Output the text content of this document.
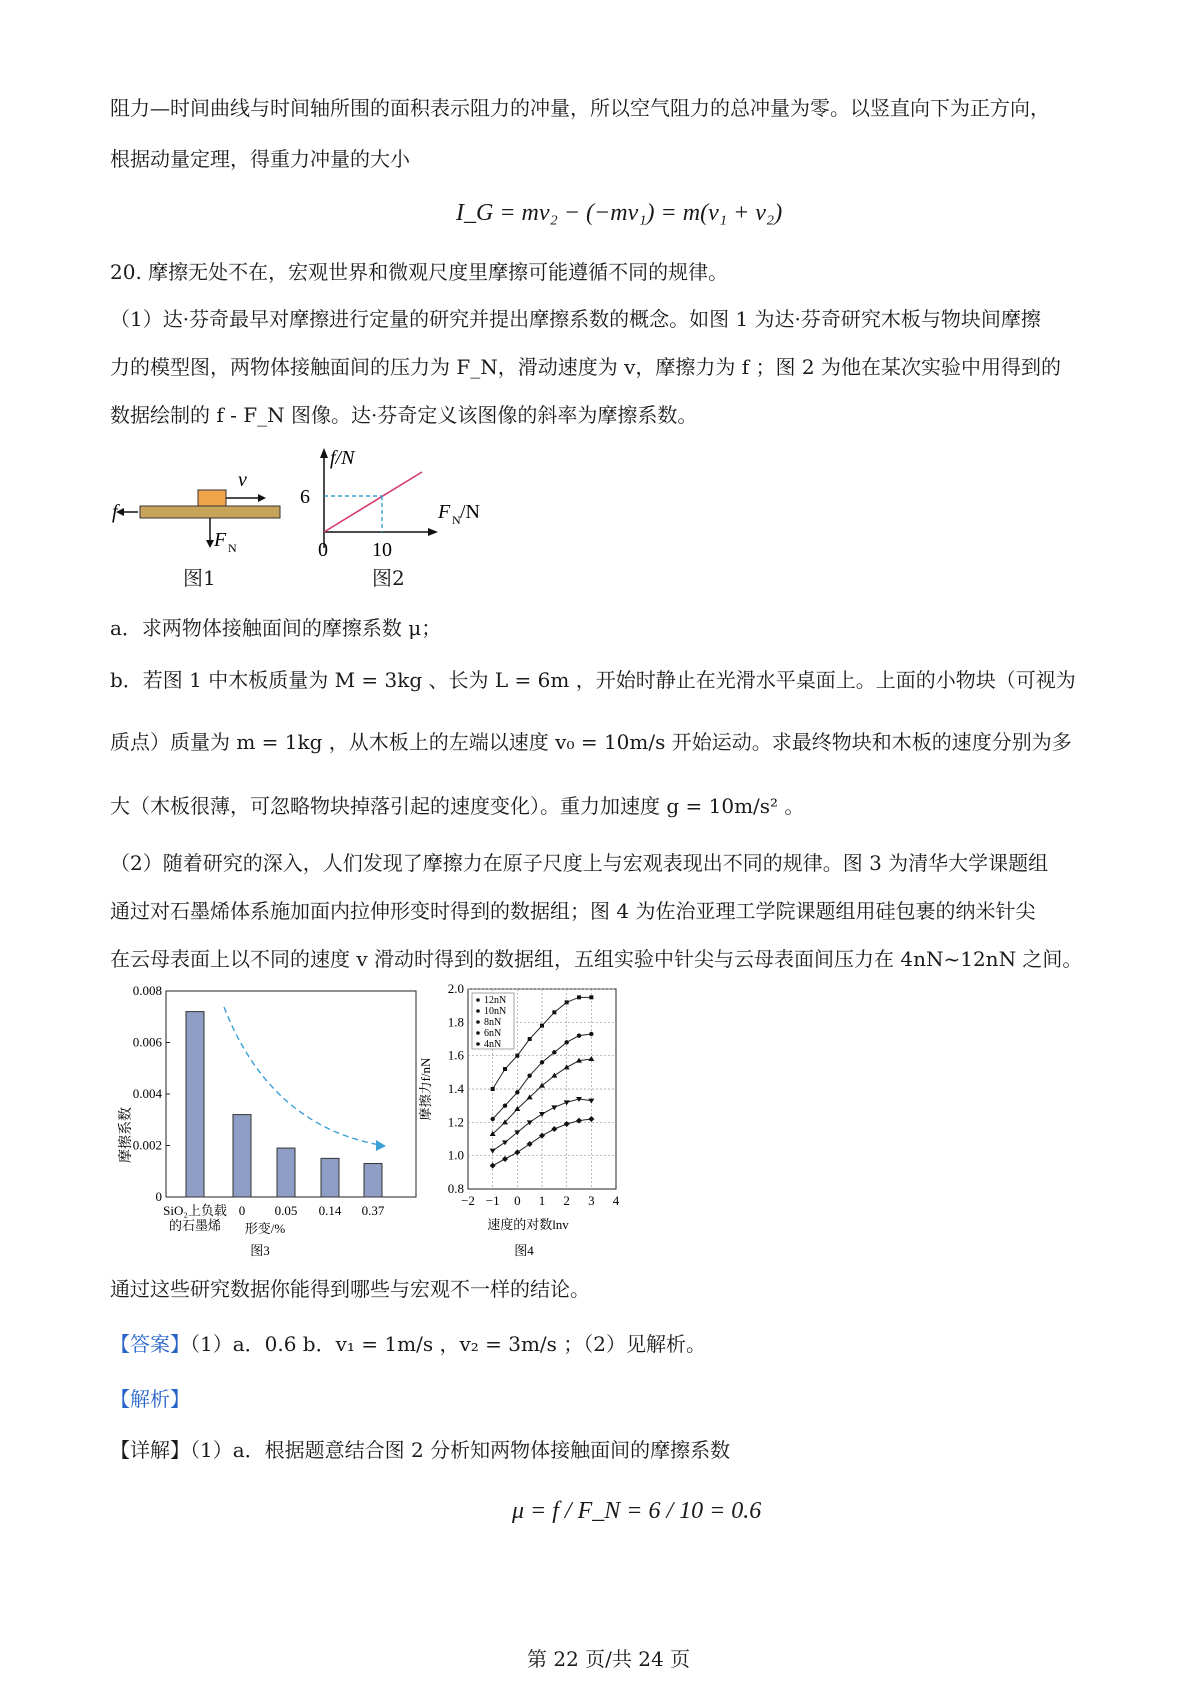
阻力—时间曲线与时间轴所围的面积表示阻力的冲量，所以空气阻力的总冲量为零。以竖直向下为正方向，
根据动量定理，得重力冲量的大小
I_G = mv₂ − (−mv₁) = m(v₁ + v₂)
20. 摩擦无处不在，宏观世界和微观尺度里摩擦可能遵循不同的规律。
（1）达·芬奇最早对摩擦进行定量的研究并提出摩擦系数的概念。如图 1 为达·芬奇研究木板与物块间摩擦
力的模型图，两物体接触面间的压力为 F_N，滑动速度为 v，摩擦力为 f ；图 2 为他在某次实验中用得到的
数据绘制的 f - F_N 图像。达·芬奇定义该图像的斜率为摩擦系数。
f
v
F N
图1
f/N
6
F N /N
0 10
图2
a．求两物体接触面间的摩擦系数 μ；
b．若图 1 中木板质量为 M = 3kg 、长为 L = 6m ，开始时静止在光滑水平桌面上。上面的小物块（可视为
质点）质量为 m = 1kg ，从木板上的左端以速度 v₀ = 10m/s 开始运动。求最终物块和木板的速度分别为多
大（木板很薄，可忽略物块掉落引起的速度变化）。重力加速度 g = 10m/s² 。
（2）随着研究的深入，人们发现了摩擦力在原子尺度上与宏观表现出不同的规律。图 3 为清华大学课题组
通过对石墨烯体系施加面内拉伸形变时得到的数据组；图 4 为佐治亚理工学院课题组用硅包裹的纳米针尖
在云母表面上以不同的速度 v 滑动时得到的数据组，五组实验中针尖与云母表面间压力在 4nN~12nN 之间。
0.008
0.006
0.004
0.002
0
摩擦系数
SiO₂上负载
的石墨烯
0 0.05 0.14 0.37
形变/%
图3
2.0
1.8
1.6
1.4
1.2
1.0
0.8
−2 −1 0 1 2 3 4
12nN
10nN
8nN
6nN
4nN
摩擦力f/nN
速度的对数lnv
图4
通过这些研究数据你能得到哪些与宏观不一样的结论。
【答案】（1）a．0.6 b．v₁ = 1m/s ，v₂ = 3m/s ；（2）见解析。
【解析】
【详解】（1）a．根据题意结合图 2 分析知两物体接触面间的摩擦系数
μ = f / F_N = 6 / 10 = 0.6
第 22 页/共 24 页
